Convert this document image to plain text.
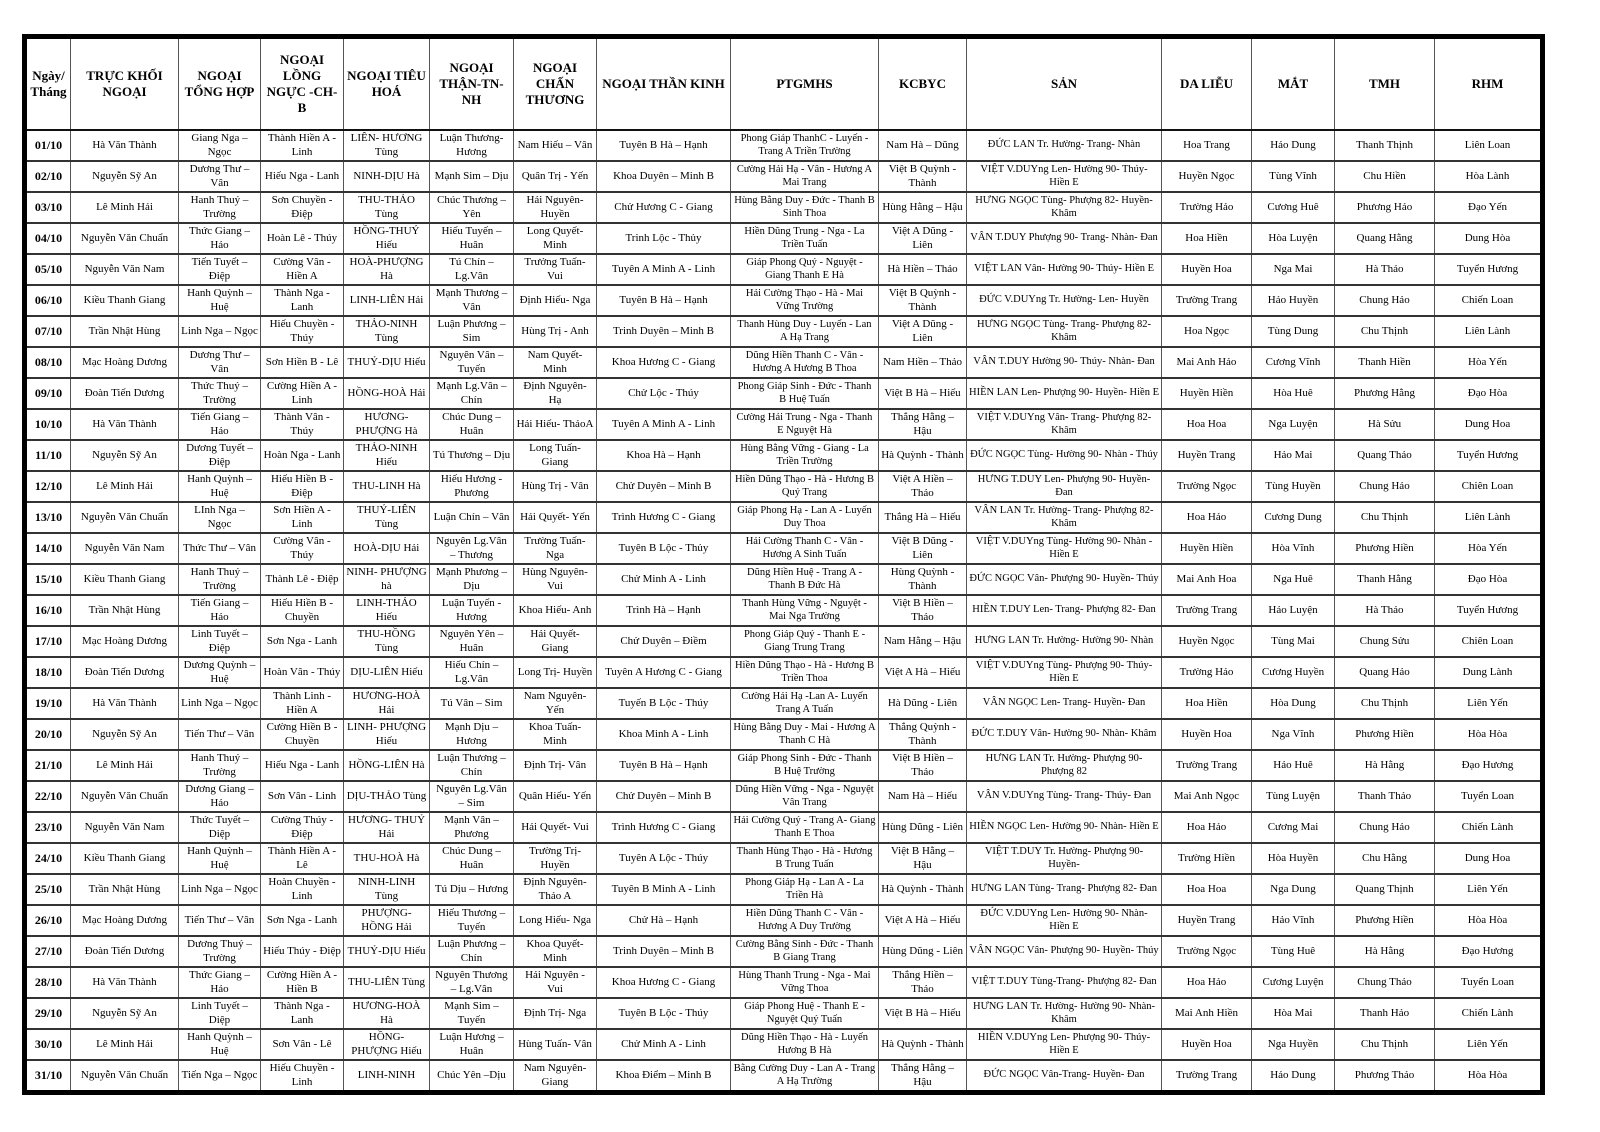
Ngày/ Tháng	TRỰC KHỐI NGOẠI	NGOẠI TỔNG HỢP	NGOẠI LỒNG NGỰC -CH-B	NGOẠI TIÊU HOÁ	NGOẠI THẬN-TN-NH	NGOẠI CHẤN THƯƠNG	NGOẠI THẦN KINH	PTGMHS	KCBYC	SẢN	DA LIỄU	MẮT	TMH	RHM
01/10	Hà Văn Thành	Giang Nga – Ngọc	Thành Hiền A - Linh	LIÊN- HƯƠNG Tùng	Luận Thương- Hương	Nam Hiếu – Vân	Tuyên B Hà – Hạnh	Phong Giáp ThanhC - Luyến - Trang A Triền Trường	Nam Hà – Dũng	ĐỨC LAN Tr. Hường- Trang- Nhàn	Hoa Trang	Hảo Dung	Thanh Thịnh	Liên Loan
02/10	Nguyễn Sỹ An	Dương Thư – Vân	Hiếu Nga - Lanh	NINH-DỊU Hà	Mạnh Sim – Dịu	Quân Trị - Yến	Khoa Duyên – Minh B	Cường Hải Hạ - Vân - Hương A Mai Trang	Việt B Quỳnh - Thành	VIỆT V.DUYng Len- Hường 90- Thúy- Hiền E	Huyền Ngọc	Tùng Vĩnh	Chu Hiền	Hòa Lành
03/10	Lê Minh Hải	Hanh Thuý – Trường	Sơn Chuyền - Điệp	THU-THẢO Tùng	Chúc Thương – Yên	Hải Nguyên- Huyền	Chử Hương C - Giang	Hùng Bằng Duy - Đức - Thanh B Sinh Thoa	Hùng Hằng – Hậu	HƯNG NGỌC Tùng- Phượng 82- Huyền- Khâm	Trường Hảo	Cương Huê	Phương Hảo	Đạo Yến
04/10	Nguyễn Văn Chuẩn	Thức Giang – Hảo	Hoàn Lê - Thúy	HỒNG-THUÝ Hiếu	Hiếu Tuyến – Huân	Long Quyết- Minh	Trinh Lộc - Thủy	Hiền Dũng Trung - Nga - La Triền Tuấn	Việt A Dũng - Liên	VÂN T.DUY Phượng 90- Trang- Nhàn- Đan	Hoa Hiền	Hòa Luyện	Quang Hằng	Dung Hòa
05/10	Nguyễn Văn Nam	Tiến Tuyết – Điệp	Cường Vân - Hiền A	HOÀ-PHƯỢNG Hà	Tú Chín – Lg.Vân	Trưởng Tuấn- Vui	Tuyên A Minh A - Linh	Giáp Phong Quý - Nguyệt - Giang Thanh E Hà	Hà Hiền – Thảo	VIỆT LAN Vân- Hường 90- Thúy- Hiền E	Huyền Hoa	Nga Mai	Hà Thảo	Tuyển Hương
06/10	Kiều Thanh Giang	Hanh Quỳnh – Huệ	Thành Nga - Lanh	LINH-LIÊN Hải	Mạnh Thương – Vân	Định Hiếu- Nga	Tuyên B Hà – Hạnh	Hải Cường Thạo - Hà - Mai Vững Trường	Việt B Quỳnh - Thành	ĐỨC V.DUYng Tr. Hường- Len- Huyền	Trường Trang	Hảo Huyền	Chung Hảo	Chiến Loan
07/10	Trần Nhật Hùng	Linh Nga – Ngọc	Hiếu Chuyền - Thúy	THẢO-NINH Tùng	Luận Phương – Sim	Hùng Trị - Anh	Trinh Duyên – Minh B	Thanh Hùng Duy - Luyến - Lan A Hạ Trang	Việt A Dũng - Liên	HƯNG NGỌC Tùng- Trang- Phượng 82- Khâm	Hoa Ngọc	Tùng Dung	Chu Thịnh	Liên Lành
08/10	Mạc Hoàng Dương	Dương Thư – Vân	Sơn Hiền B - Lê	THUỶ-DỊU Hiếu	Nguyên Vân – Tuyến	Nam Quyết- Minh	Khoa Hương C - Giang	Dũng Hiền Thanh C - Vân - Hương A Hương B Thoa	Nam Hiền – Thảo	VÂN T.DUY Hường 90- Thúy- Nhàn- Đan	Mai Anh Hảo	Cương Vĩnh	Thanh Hiền	Hòa Yến
09/10	Đoàn Tiến Dương	Thức Thuý – Trường	Cường Hiền A - Linh	HỒNG-HOÀ Hải	Mạnh Lg.Vân – Chín	Định Nguyên- Hạ	Chử Lộc - Thúy	Phong Giáp Sinh - Đức - Thanh B Huệ Tuấn	Việt B Hà – Hiếu	HIỀN LAN Len- Phượng 90- Huyền- Hiền E	Huyền Hiền	Hòa Huê	Phương Hằng	Đạo Hòa
10/10	Hà Văn Thành	Tiến Giang – Hảo	Thành Vân - Thúy	HƯƠNG- PHƯỢNG Hà	Chúc Dung – Huân	Hải Hiếu- ThảoA	Tuyên A Minh A - Linh	Cường Hải Trung - Nga - Thanh E Nguyệt Hà	Thắng Hằng – Hậu	VIỆT V.DUYng Vân- Trang- Phượng 82- Khâm	Hoa Hoa	Nga Luyện	Hà Sửu	Dung Hoa
11/10	Nguyễn Sỹ An	Dương Tuyết – Điệp	Hoàn Nga - Lanh	THẢO-NINH Hiếu	Tú Thương – Dịu	Long Tuấn- Giang	Khoa Hà – Hạnh	Hùng Bằng Vững - Giang - La Triền Trường	Hà Quỳnh - Thành	ĐỨC NGỌC Tùng- Hường 90- Nhàn - Thúy	Huyền Trang	Hảo Mai	Quang Thảo	Tuyển Hương
12/10	Lê Minh Hải	Hanh Quỳnh – Huệ	Hiếu Hiền B - Điệp	THU-LINH Hà	Hiếu Hương - Phương	Hùng Trị - Vân	Chử Duyên – Minh B	Hiền Dũng Thạo - Hà - Hương B Quý Trang	Việt A Hiền – Thảo	HƯNG T.DUY Len- Phượng 90- Huyền- Đan	Trường Ngọc	Tùng Huyền	Chung Hảo	Chiên Loan
13/10	Nguyễn Văn Chuẩn	LInh Nga – Ngọc	Sơn Hiền A - Linh	THUỶ-LIÊN Tùng	Luận Chín – Vân	Hải Quyết- Yến	Trình Hương C - Giang	Giáp Phong Hạ - Lan A - Luyến Duy Thoa	Thắng Hà – Hiếu	VÂN LAN Tr. Hường- Trang- Phượng 82- Khâm	Hoa Hảo	Cương Dung	Chu Thịnh	Liên Lành
14/10	Nguyễn Văn Nam	Thức Thư – Vân	Cường Vân - Thúy	HOÀ-DỊU Hải	Nguyên Lg.Vân – Thương	Trường Tuấn- Nga	Tuyên B Lộc - Thủy	Hải Cường Thanh C - Vân - Hương A Sinh Tuấn	Việt B Dũng - Liên	VIỆT V.DUYng Tùng- Hường 90- Nhàn - Hiền E	Huyền Hiền	Hòa Vĩnh	Phương Hiền	Hòa Yến
15/10	Kiều Thanh Giang	Hanh Thuý – Trường	Thành Lê - Điệp	NINH- PHƯỢNG hà	Mạnh Phương – Dịu	Hùng Nguyên- Vui	Chử Minh A - Linh	Dũng Hiền Huệ - Trang A - Thanh B Đức Hà	Hùng Quỳnh - Thành	ĐỨC NGỌC Vân- Phượng 90- Huyền- Thúy	Mai Anh Hoa	Nga Huê	Thanh Hằng	Đạo Hòa
16/10	Trần Nhật Hùng	Tiến Giang – Hảo	Hiếu Hiền B - Chuyền	LINH-THẢO Hiếu	Luận Tuyến - Hương	Khoa Hiếu- Anh	Trình Hà – Hạnh	Thanh Hùng Vững - Nguyệt - Mai Nga Trường	Việt B Hiền – Thảo	HIỀN T.DUY Len- Trang- Phượng 82- Đan	Trường Trang	Hảo Luyện	Hà Thảo	Tuyển Hương
17/10	Mạc Hoàng Dương	Linh Tuyết – Điệp	Sơn Nga - Lanh	THU-HỒNG Tùng	Nguyên Yên – Huân	Hải Quyết- Giang	Chử Duyên – Điềm	Phong Giáp Quý - Thanh E - Giang Trung Trang	Nam Hằng – Hậu	HƯNG LAN Tr. Hường- Hường 90- Nhàn	Huyền Ngọc	Tùng Mai	Chung Sửu	Chiên Loan
18/10	Đoàn Tiến Dương	Dương Quỳnh – Huệ	Hoàn Vân - Thúy	DỊU-LIÊN Hiếu	Hiếu Chín – Lg.Vân	Long Trị- Huyền	Tuyên A Hương C - Giang	Hiền Dũng Thạo - Hà - Hương B Triền Thoa	Việt A Hà – Hiếu	VIỆT V.DUYng Tùng- Phượng 90- Thúy- Hiền E	Trường Hảo	Cương Huyền	Quang Hảo	Dung Lành
19/10	Hà Văn Thành	Linh Nga – Ngọc	Thành Linh - Hiền A	HƯƠNG-HOÀ Hải	Tú Vân – Sim	Nam Nguyên- Yến	Tuyến B Lộc - Thúy	Cường Hải Hạ -Lan A- Luyến Trang A Tuấn	Hà Dũng - Liên	VÂN NGỌC Len- Trang- Huyền- Đan	Hoa Hiền	Hòa Dung	Chu Thịnh	Liên Yến
20/10	Nguyễn Sỹ An	Tiến Thư – Vân	Cường Hiền B - Chuyền	LINH- PHƯỢNG Hiếu	Mạnh Dịu – Hương	Khoa Tuấn- Minh	Khoa Minh A - Linh	Hùng Bằng Duy - Mai - Hương A Thanh C Hà	Thắng Quỳnh - Thành	ĐỨC T.DUY Vân- Hường 90- Nhàn- Khâm	Huyền Hoa	Nga Vĩnh	Phương Hiền	Hòa Hòa
21/10	Lê Minh Hải	Hanh Thuý – Trường	Hiếu Nga - Lanh	HỒNG-LIÊN Hà	Luận Thương – Chín	Định Trị- Vân	Tuyên B Hà – Hạnh	Giáp Phong Sinh - Đức - Thanh B Huệ Trường	Việt B Hiền – Thảo	HƯNG LAN Tr. Hường- Phượng 90- Phượng 82	Trường Trang	Hảo Huê	Hà Hằng	Đạo Hương
22/10	Nguyễn Văn Chuẩn	Dương Giang – Hảo	Sơn Vân - Linh	DỊU-THẢO Tùng	Nguyên Lg.Vân – Sim	Quân Hiếu- Yến	Chử Duyên – Minh B	Dũng Hiền Vững - Nga - Nguyệt Vân Trang	Nam Hà – Hiếu	VÂN V.DUYng Tùng- Trang- Thúy- Đan	Mai Anh Ngọc	Tùng Luyện	Thanh Thảo	Tuyển Loan
23/10	Nguyễn Văn Nam	Thức Tuyết – Diệp	Cường Thúy - Điệp	HƯƠNG- THUỶ Hải	Mạnh Vân – Phương	Hải Quyết- Vui	Trình Hương C - Giang	Hải Cường Quý - Trang A- Giang Thanh E Thoa	Hùng Dũng - Liên	HIỀN NGỌC Len- Hường 90- Nhàn- Hiền E	Hoa Hảo	Cương Mai	Chung Hảo	Chiến Lành
24/10	Kiều Thanh Giang	Hanh Quỳnh – Huệ	Thành Hiền A - Lê	THU-HOÀ Hà	Chúc Dung – Huân	Trường Trị- Huyền	Tuyên A Lộc - Thúy	Thanh Hùng Thạo - Hà - Hương B Trung Tuấn	Việt B Hằng – Hậu	VIỆT T.DUY Tr. Hường- Phượng 90- Huyền-	Trường Hiền	Hòa Huyền	Chu Hằng	Dung Hoa
25/10	Trần Nhật Hùng	Linh Nga – Ngọc	Hoàn Chuyền - Linh	NINH-LINH Tùng	Tú Dịu – Hương	Định Nguyên- Thảo A	Tuyên B Minh A - Linh	Phong Giáp Hạ - Lan A - La Triền Hà	Hà Quỳnh - Thành	HƯNG LAN Tùng- Trang- Phượng 82- Đan	Hoa Hoa	Nga Dung	Quang Thịnh	Liên Yến
26/10	Mạc Hoàng Dương	Tiến Thư – Vân	Sơn Nga - Lanh	PHƯỢNG- HỒNG Hải	Hiếu Thương – Tuyến	Long Hiếu- Nga	Chử Hà – Hạnh	Hiền Dũng Thanh C - Vân - Hương A Duy Trường	Việt A Hà – Hiếu	ĐỨC V.DUYng Len- Hường 90- Nhàn- Hiền E	Huyền Trang	Hảo Vĩnh	Phương Hiền	Hòa Hòa
27/10	Đoàn Tiến Dương	Dương Thuý – Trường	Hiếu Thúy - Điệp	THUỶ-DỊU Hiếu	Luận Phương – Chín	Khoa Quyết- Minh	Trinh Duyên – Minh B	Cường Bằng Sinh - Đức - Thanh B Giang Trang	Hùng Dũng - Liên	VÂN NGỌC Vân- Phượng 90- Huyền- Thúy	Trường Ngọc	Tùng Huê	Hà Hằng	Đạo Hương
28/10	Hà Văn Thành	Thức Giang – Hảo	Cường Hiền A - Hiền B	THU-LIÊN Tùng	Nguyên Thương – Lg.Vân	Hải Nguyên - Vui	Khoa Hương C - Giang	Hùng Thanh Trung - Nga - Mai Vững Thoa	Thắng Hiền – Thảo	VIỆT T.DUY Tùng-Trang- Phượng 82- Đan	Hoa Hảo	Cương Luyện	Chung Thảo	Tuyển Loan
29/10	Nguyễn Sỹ An	Linh Tuyết – Diệp	Thành Nga - Lanh	HƯƠNG-HOÀ Hà	Mạnh Sim – Tuyến	Định Trị- Nga	Tuyên B Lộc - Thúy	Giáp Phong Huệ - Thanh E - Nguyệt Quý Tuấn	Việt B Hà – Hiếu	HƯNG LAN Tr. Hường- Hường 90- Nhàn- Khâm	Mai Anh Hiền	Hòa Mai	Thanh Hảo	Chiến Lành
30/10	Lê Minh Hải	Hanh Quỳnh – Huệ	Sơn Vân - Lê	HỒNG- PHƯỢNG Hiếu	Luận Hương – Huân	Hùng Tuấn- Vân	Chử Minh A - Linh	Dũng Hiền Thạo - Hà - Luyến Hương B Hà	Hà Quỳnh - Thành	HIỀN V.DUYng Len- Phượng 90- Thúy- Hiền E	Huyền Hoa	Nga Huyền	Chu Thịnh	Liên Yến
31/10	Nguyễn Văn Chuẩn	Tiến Nga – Ngọc	Hiếu Chuyền - Linh	LINH-NINH	Chúc Yên –Dịu	Nam Nguyên- Giang	Khoa Điểm – Minh B	Bằng Cường Duy - Lan A - Trang A Hạ Trường	Thắng Hằng – Hậu	ĐỨC NGỌC Vân-Trang- Huyền- Đan	Trường Trang	Hảo Dung	Phương Thảo	Hòa Hòa
